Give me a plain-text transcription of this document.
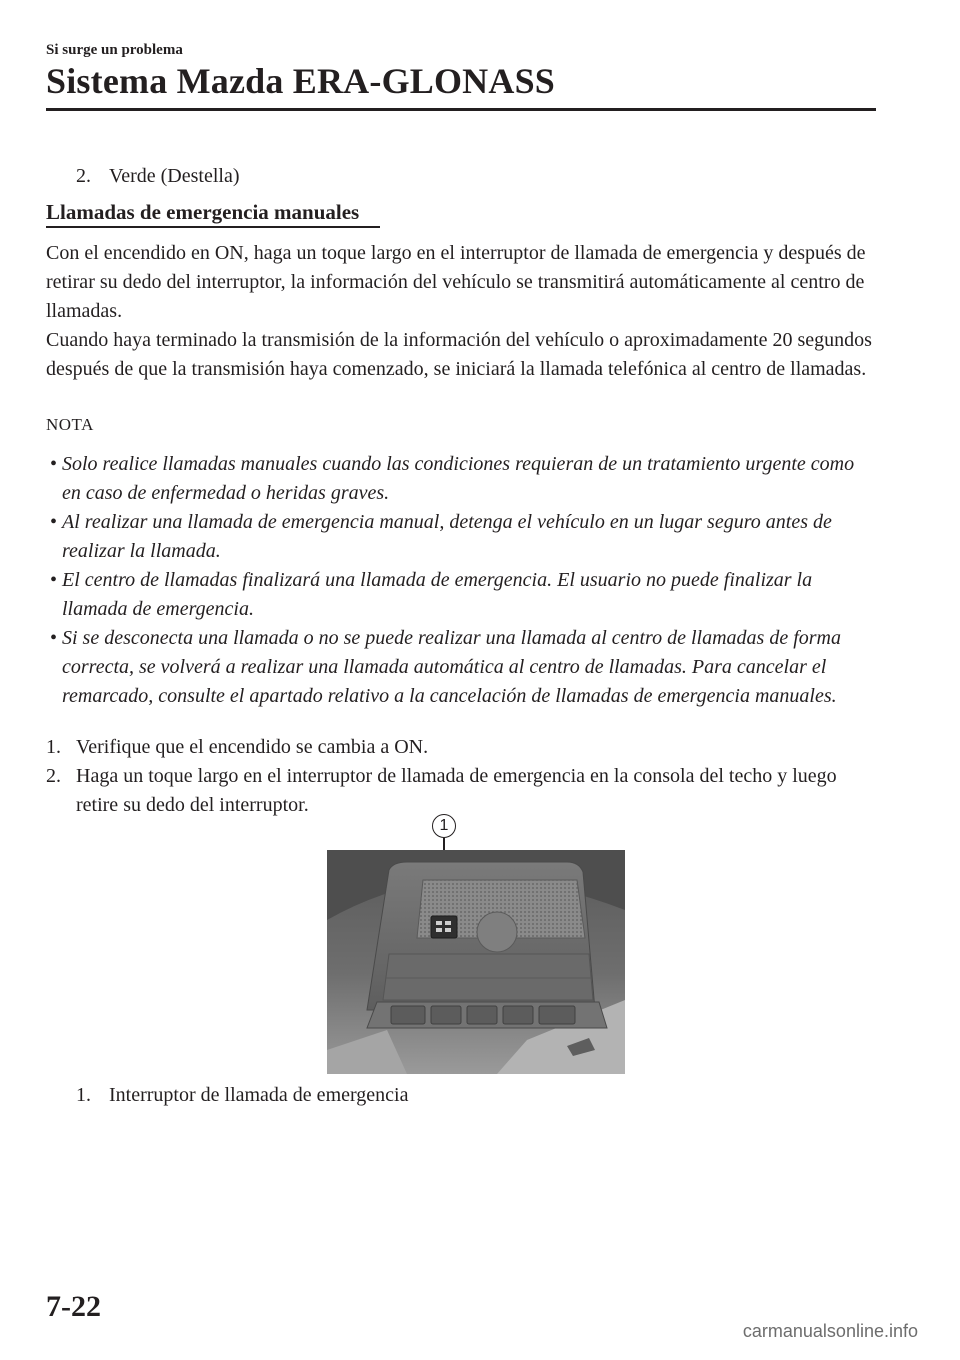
Si surge un problema
Sistema Mazda ERA-GLONASS
2. Verde (Destella)
Llamadas de emergencia manuales

Con el encendido en ON, haga un toque largo en el interruptor de llamada de emergencia y después de retirar su dedo del interruptor, la información del vehículo se transmitirá automáticamente al centro de llamadas.

Cuando haya terminado la transmisión de la información del vehículo o aproximadamente 20 segundos después de que la transmisión haya comenzado, se iniciará la llamada telefónica al centro de llamadas.

NOTA
• Solo realice llamadas manuales cuando las condiciones requieran de un tratamiento urgente como en caso de enfermedad o heridas graves.
• Al realizar una llamada de emergencia manual, detenga el vehículo en un lugar seguro antes de realizar la llamada.
• El centro de llamadas finalizará una llamada de emergencia. El usuario no puede finalizar la llamada de emergencia.
• Si se desconecta una llamada o no se puede realizar una llamada al centro de llamadas de forma correcta, se volverá a realizar una llamada automática al centro de llamadas. Para cancelar el remarcado, consulte el apartado relativo a la cancelación de llamadas de emergencia manuales.
1. Verifique que el encendido se cambia a ON.
2. Haga un toque largo en el interruptor de llamada de emergencia en la consola del techo y luego retire su dedo del interruptor.
1
1. Interruptor de llamada de emergencia
7-22
carmanualsonline.info
